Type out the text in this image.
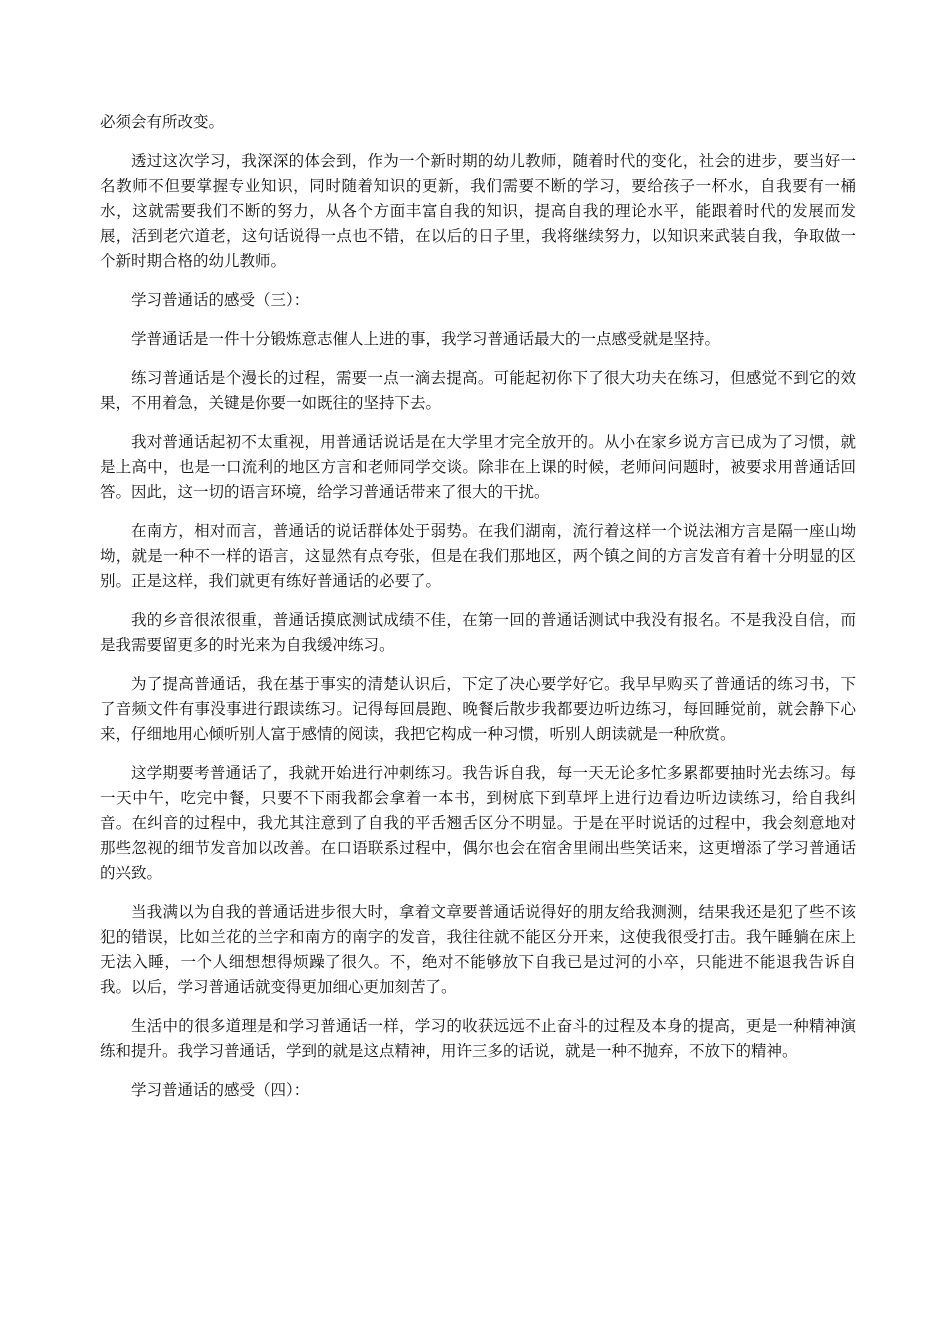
必须会有所改变。

透过这次学习，我深深的体会到，作为一个新时期的幼儿教师，随着时代的变化，社会的进步，要当好一名教师不但要掌握专业知识，同时随着知识的更新，我们需要不断的学习，要给孩子一杯水，自我要有一桶水，这就需要我们不断的努力，从各个方面丰富自我的知识，提高自我的理论水平，能跟着时代的发展而发展，活到老穴道老，这句话说得一点也不错，在以后的日子里，我将继续努力，以知识来武装自我，争取做一个新时期合格的幼儿教师。

学习普通话的感受（三）：

学普通话是一件十分锻炼意志催人上进的事，我学习普通话最大的一点感受就是坚持。

练习普通话是个漫长的过程，需要一点一滴去提高。可能起初你下了很大功夫在练习，但感觉不到它的效果，不用着急，关键是你要一如既往的坚持下去。

我对普通话起初不太重视，用普通话说话是在大学里才完全放开的。从小在家乡说方言已成为了习惯，就是上高中，也是一口流利的地区方言和老师同学交谈。除非在上课的时候，老师问问题时，被要求用普通话回答。因此，这一切的语言环境，给学习普通话带来了很大的干扰。

在南方，相对而言，普通话的说话群体处于弱势。在我们湖南，流行着这样一个说法湘方言是隔一座山坳坳，就是一种不一样的语言，这显然有点夸张，但是在我们那地区，两个镇之间的方言发音有着十分明显的区别。正是这样，我们就更有练好普通话的必要了。

我的乡音很浓很重，普通话摸底测试成绩不佳，在第一回的普通话测试中我没有报名。不是我没自信，而是我需要留更多的时光来为自我缓冲练习。

为了提高普通话，我在基于事实的清楚认识后，下定了决心要学好它。我早早购买了普通话的练习书，下了音频文件有事没事进行跟读练习。记得每回晨跑、晚餐后散步我都要边听边练习，每回睡觉前，就会静下心来，仔细地用心倾听别人富于感情的阅读，我把它构成一种习惯，听别人朗读就是一种欣赏。

这学期要考普通话了，我就开始进行冲刺练习。我告诉自我，每一天无论多忙多累都要抽时光去练习。每一天中午，吃完中餐，只要不下雨我都会拿着一本书，到树底下到草坪上进行边看边听边读练习，给自我纠音。在纠音的过程中，我尤其注意到了自我的平舌翘舌区分不明显。于是在平时说话的过程中，我会刻意地对那些忽视的细节发音加以改善。在口语联系过程中，偶尔也会在宿舍里闹出些笑话来，这更增添了学习普通话的兴致。

当我满以为自我的普通话进步很大时，拿着文章要普通话说得好的朋友给我测测，结果我还是犯了些不该犯的错误，比如兰花的兰字和南方的南字的发音，我往往就不能区分开来，这使我很受打击。我午睡躺在床上无法入睡，一个人细想想得烦躁了很久。不，绝对不能够放下自我已是过河的小卒，只能进不能退我告诉自我。以后，学习普通话就变得更加细心更加刻苦了。

生活中的很多道理是和学习普通话一样，学习的收获远远不止奋斗的过程及本身的提高，更是一种精神演练和提升。我学习普通话，学到的就是这点精神，用许三多的话说，就是一种不抛弃，不放下的精神。

学习普通话的感受（四）：
